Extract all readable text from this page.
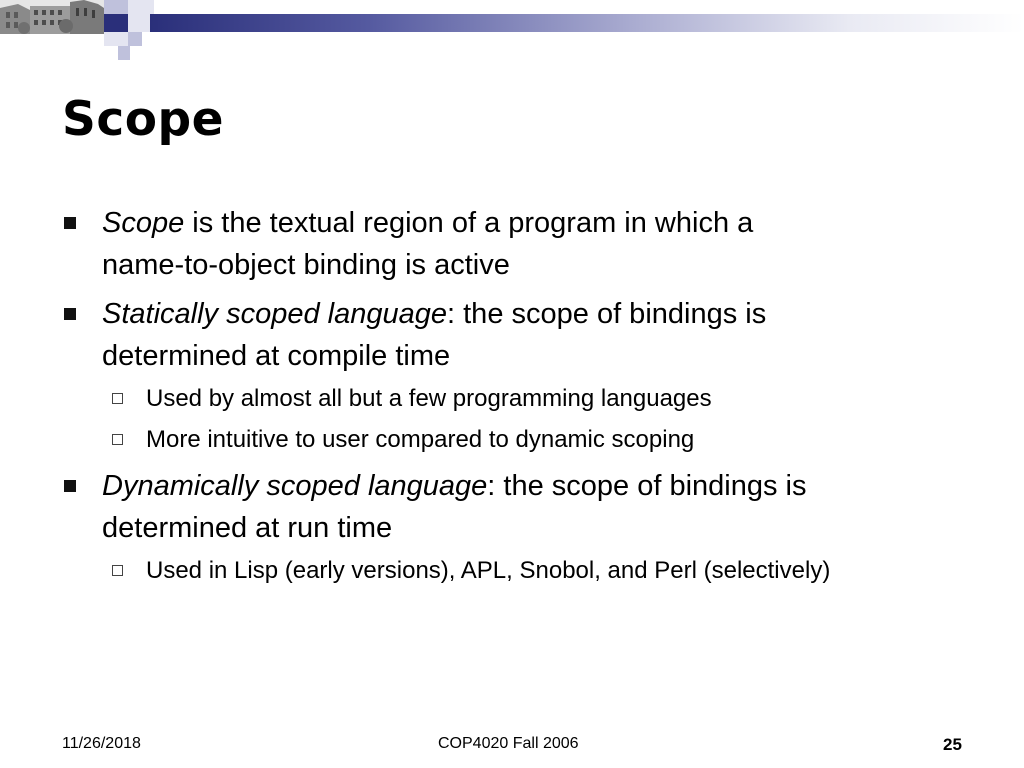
Scope
Scope is the textual region of a program in which a
name-to-object binding is active
Statically scoped language: the scope of bindings is
determined at compile time
Used by almost all but a few programming languages
More intuitive to user compared to dynamic scoping
Dynamically scoped language: the scope of bindings is
determined at run time
Used in Lisp (early versions), APL, Snobol, and Perl (selectively)
11/26/2018	COP4020 Fall 2006	25
